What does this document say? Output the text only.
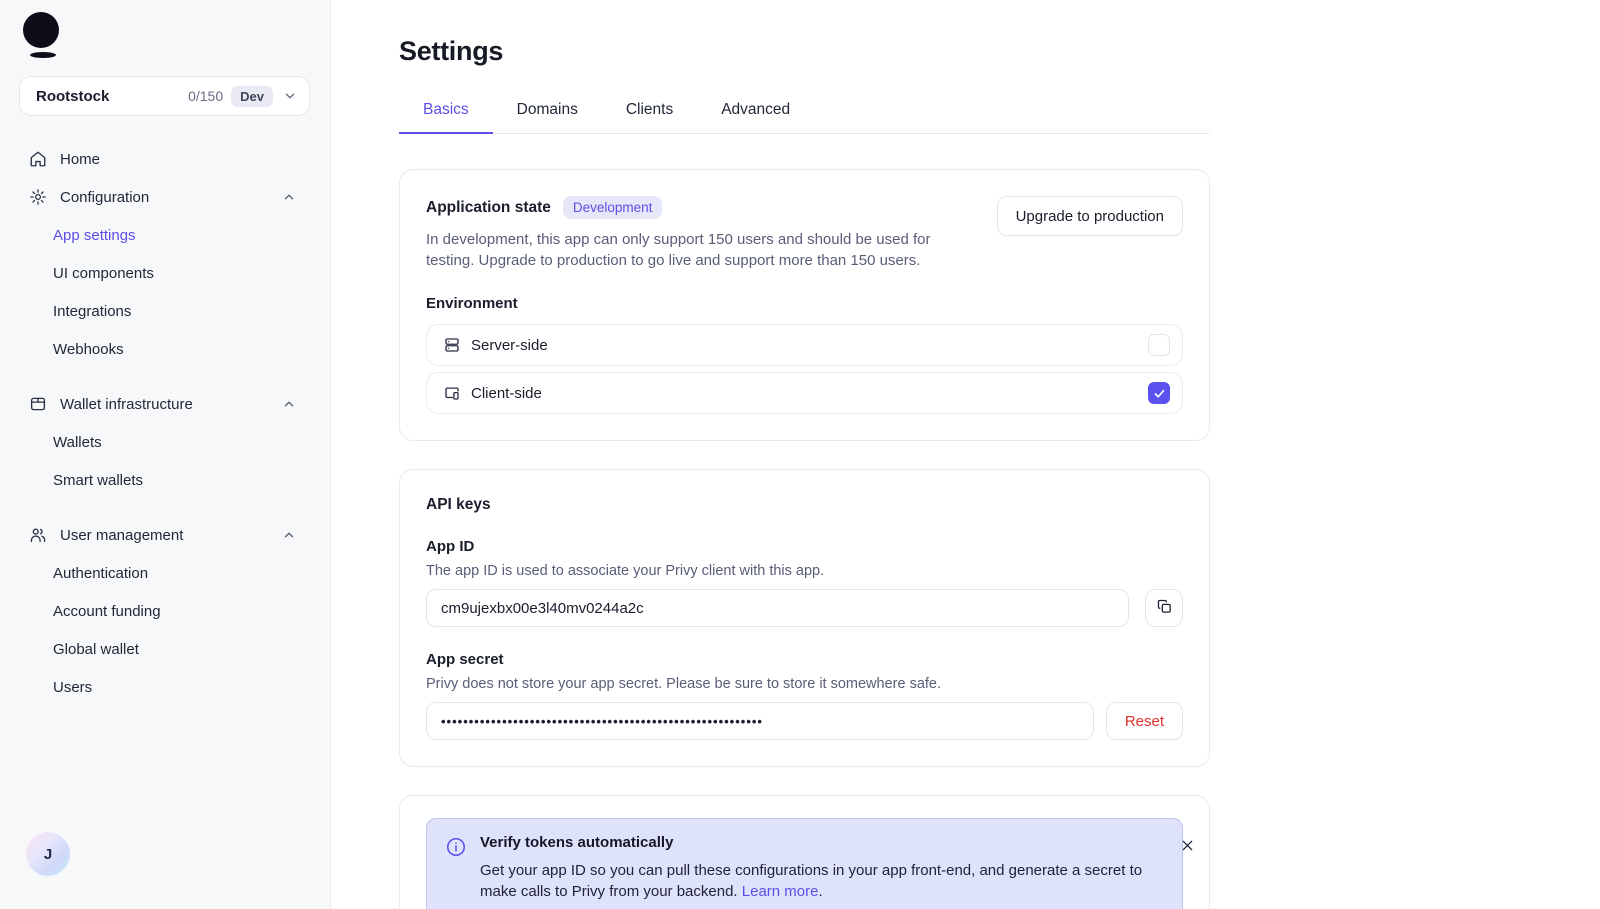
Rootstock	0/150	Dev
Home
Configuration
App settings
UI components
Integrations
Webhooks
Wallet infrastructure
Wallets
Smart wallets
User management
Authentication
Account funding
Global wallet
Users
J
Settings
Basics	Domains	Clients	Advanced
Application state	Development

In development, this app can only support 150 users and should be used for testing. Upgrade to production to go live and support more than 150 users.

Upgrade to production
Environment
Server-side
Client-side
API keys
App ID
The app ID is used to associate your Privy client with this app.
cm9ujexbx00e3l40mv0244a2c
App secret
Privy does not store your app secret. Please be sure to store it somewhere safe.
••••••••••••••••••••••••••••••••••••••••••••••••••••••••••
Reset
Verify tokens automatically
Get your app ID so you can pull these configurations in your app front-end, and generate a secret to make calls to Privy from your backend. Learn more.
